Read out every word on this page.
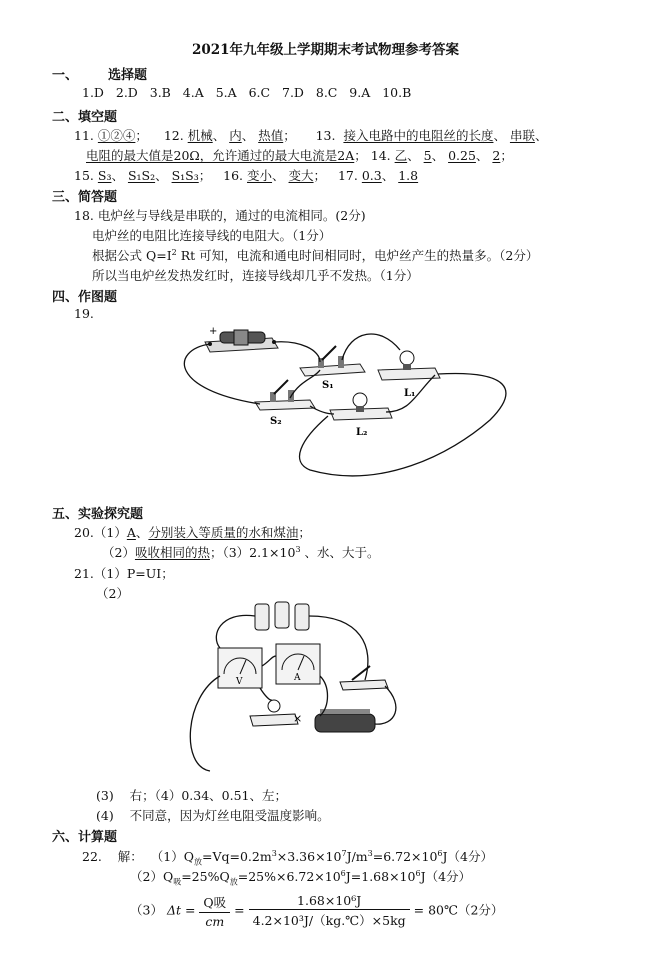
2021年九年级上学期期末考试物理参考答案
一、 选择题
1.D 2.D 3.B 4.A 5.A 6.C 7.D 8.C 9.A 10.B
二、填空题
11. ①②④； 12. 机械、 内、 热值； 13. 接入电路中的电阻丝的长度、 串联、
电阻的最大值是20Ω，允许通过的最大电流是2A； 14. 乙、 5、 0.25、 2；
15. S₃、 S₁S₂、 S₁S₃；   16. 变小、 变大；   17. 0.3、 1.8
三、简答题
18. 电炉丝与导线是串联的，通过的电流相同。(2分)
电炉丝的电阻比连接导线的电阻大。（1分）
根据公式 $Q=I^2$ Rt 可知，电流和通电时间相同时，电炉丝产生的热量多。（2分）
所以当电炉丝发热发红时，连接导线却几乎不发热。（1分）
四、作图题
19.
+
S₁
L₁
S₂
L₂
五、实验探究题
20.（1）A、分别装入等质量的水和煤油；
（2）吸收相同的热；$(3)2.1\times 10^3$ 、水、大于。
21.（1）P=UI；
（2）
V	A
×
(3) 右；（4）0.34、0.51、左；
(4) 不同意，因为灯丝电阻受温度影响。
六、计算题
22. 解： $(1)Q_放=Vq=0.2m^3\times 3.36\times 10^7J/m^3=6.72\times 10^6J(4$分）
$(2)Q_吸=25\%Q_放=25\%\times 6.72\times 10^6J=1.68\times 10^6J(4$分）
（3） $\Delta t = \frac{\text{Q吸}}{cm} = \frac{\text{1.68×10⁶J}}{\text{4.2×10³J/（kg.℃）×5kg}}$ = 80℃（2分）
